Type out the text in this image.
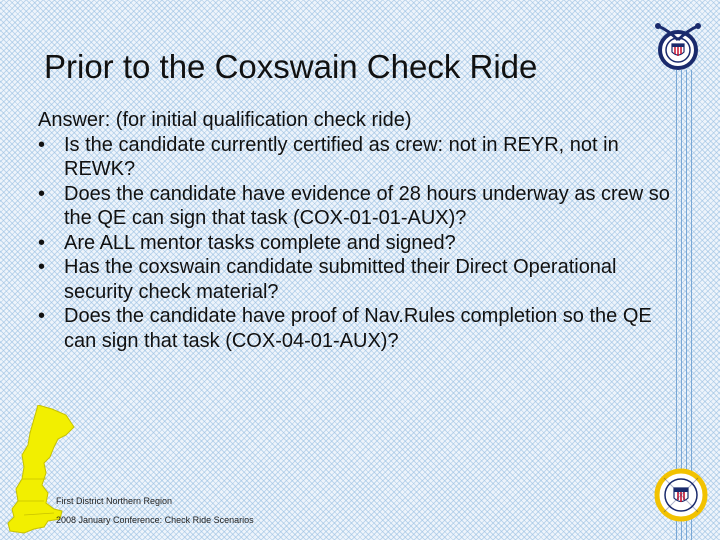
Prior to the Coxswain Check Ride

Answer: (for initial qualification check ride)

• Is the candidate currently certified as crew: not in REYR, not in REWK?
• Does the candidate have evidence of 28 hours underway as crew so the QE can sign that task (COX-01-01-AUX)?
• Are ALL mentor tasks complete and signed?
• Has the coxswain candidate submitted their Direct Operational security check material?
• Does the candidate have proof of Nav.Rules completion so the QE can sign that task (COX-04-01-AUX)?
First District Northern Region
2008 January Conference: Check Ride Scenarios
